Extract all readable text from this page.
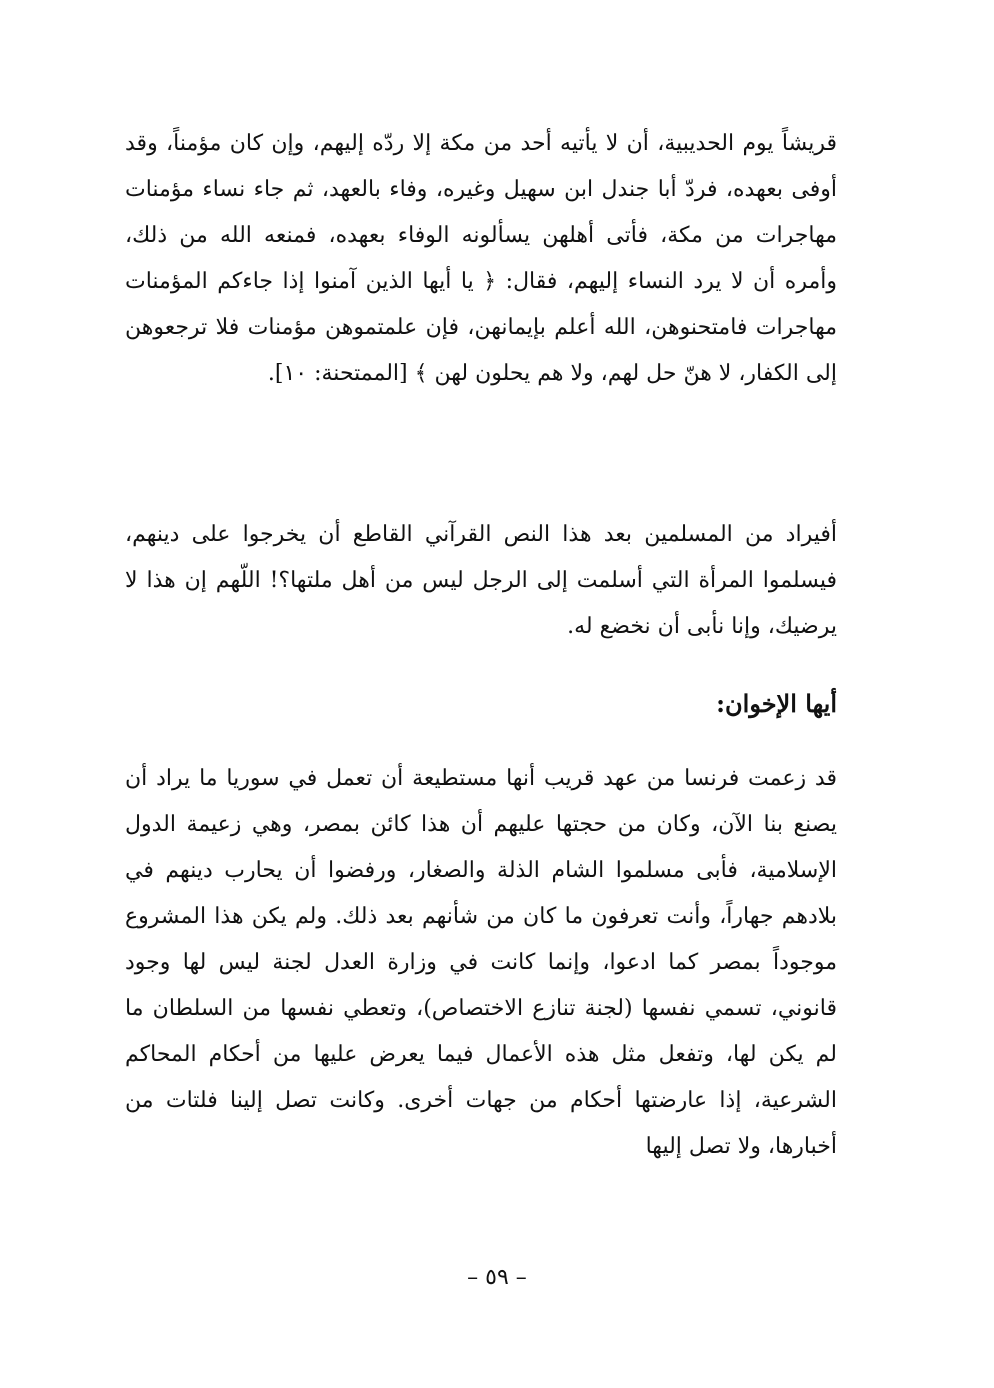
قريشاً يوم الحديبية، أن لا يأتيه أحد من مكة إلا ردّه إليهم، وإن كان مؤمناً، وقد أوفى بعهده، فردّ أبا جندل ابن سهيل وغيره، وفاء بالعهد، ثم جاء نساء مؤمنات مهاجرات من مكة، فأتى أهلهن يسألونه الوفاء بعهده، فمنعه الله من ذلك، وأمره أن لا يرد النساء إليهم، فقال: ﴿ يا أيها الذين آمنوا إذا جاءكم المؤمنات مهاجرات فامتحنوهن، الله أعلم بإيمانهن، فإن علمتموهن مؤمنات فلا ترجعوهن إلى الكفار، لا هنّ حل لهم، ولا هم يحلون لهن ﴾ [الممتحنة: ١٠].

أفيراد من المسلمين بعد هذا النص القرآني القاطع أن يخرجوا على دينهم، فيسلموا المرأة التي أسلمت إلى الرجل ليس من أهل ملتها؟! اللّهم إن هذا لا يرضيك، وإنا نأبى أن نخضع له.

أيها الإخوان:

قد زعمت فرنسا من عهد قريب أنها مستطيعة أن تعمل في سوريا ما يراد أن يصنع بنا الآن، وكان من حجتها عليهم أن هذا كائن بمصر، وهي زعيمة الدول الإسلامية، فأبى مسلموا الشام الذلة والصغار، ورفضوا أن يحارب دينهم في بلادهم جهاراً، وأنت تعرفون ما كان من شأنهم بعد ذلك. ولم يكن هذا المشروع موجوداً بمصر كما ادعوا، وإنما كانت في وزارة العدل لجنة ليس لها وجود قانوني، تسمي نفسها (لجنة تنازع الاختصاص)، وتعطي نفسها من السلطان ما لم يكن لها، وتفعل مثل هذه الأعمال فيما يعرض عليها من أحكام المحاكم الشرعية، إذا عارضتها أحكام من جهات أخرى. وكانت تصل إلينا فلتات من أخبارها، ولا تصل إليها

– ٥٩ –
